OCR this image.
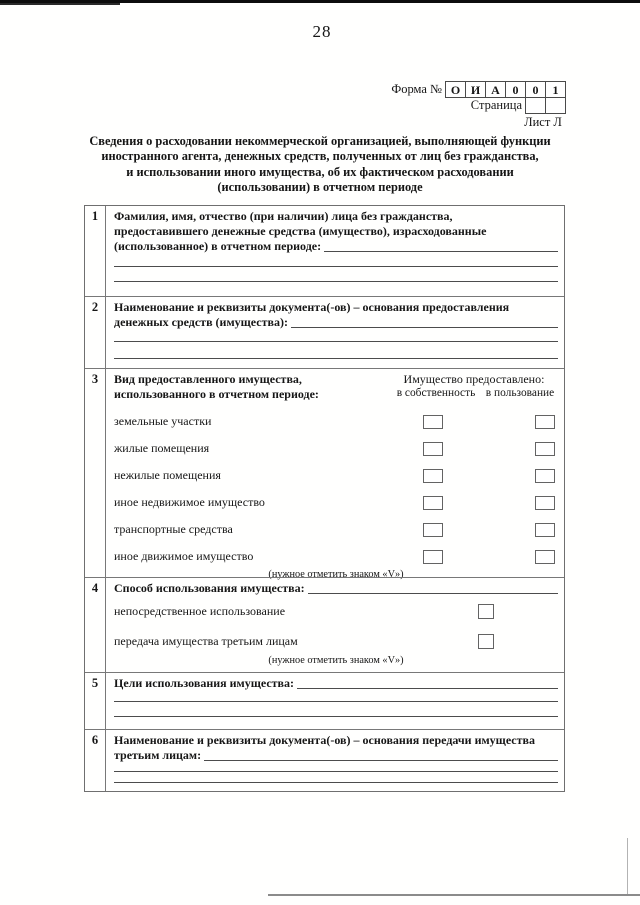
28
Форма № О И А	0	0	1
Страница
Лист Л
Сведения о расходовании некоммерческой организацией, выполняющей функции
иностранного агента, денежных средств, полученных от лиц без гражданства,
и использовании иного имущества, об их фактическом расходовании
(использовании) в отчетном периоде
1	Фамилия, имя, отчество (при наличии) лица без гражданства,
предоставившего денежные средства (имущество), израсходованные
(использованное) в отчетном периоде:
2	Наименование и реквизиты документа(-ов) – основания предоставления
денежных средств (имущества):
3	Вид предоставленного имущества,
использованного в отчетном периоде:
Имущество предоставлено:
в собственность в пользование
земельные участки
жилые помещения
нежилые помещения
иное недвижимое имущество
транспортные средства
иное движимое имущество
(нужное отметить знаком «V»)
4	Способ использования имущества:
непосредственное использование
передача имущества третьим лицам
(нужное отметить знаком «V»)
5	Цели использования имущества:
6	Наименование и реквизиты документа(-ов) – основания передачи имущества
третьим лицам:
